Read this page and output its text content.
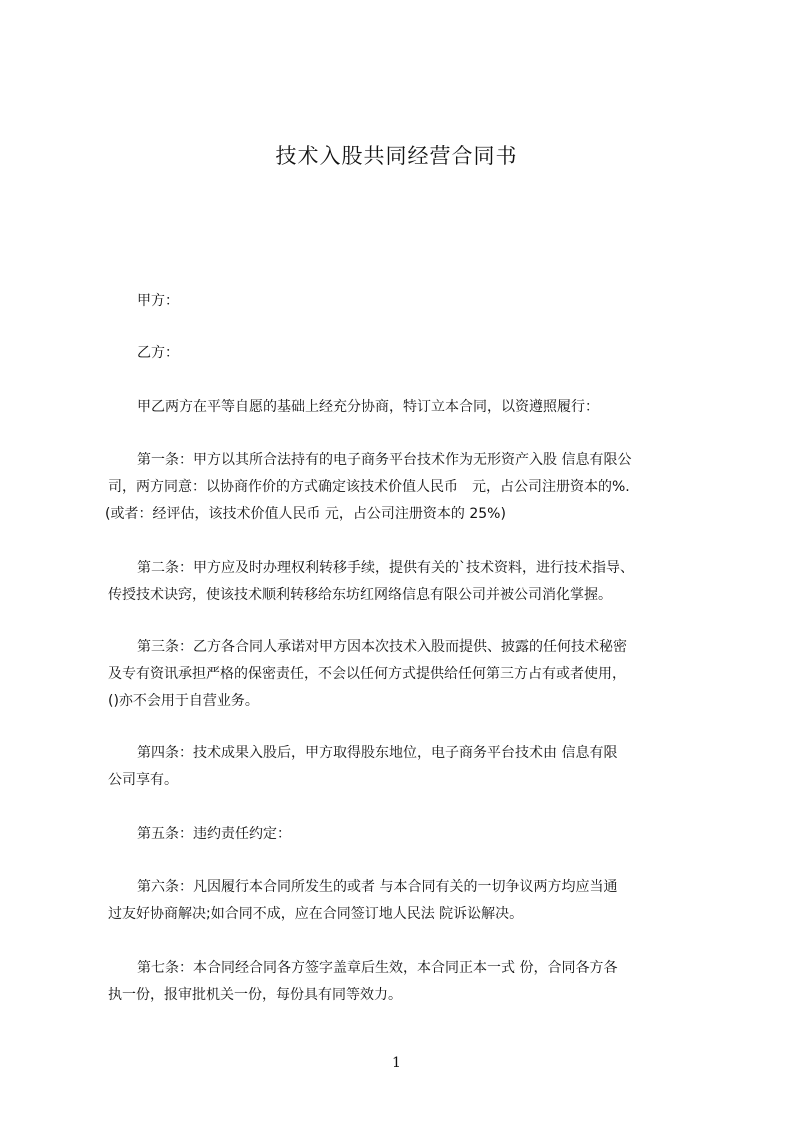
技术入股共同经营合同书

甲方：

乙方：

甲乙两方在平等自愿的基础上经充分协商，特订立本合同，以资遵照履行：

第一条：甲方以其所合法持有的电子商务平台技术作为无形资产入股 信息有限公
司，两方同意：以协商作价的方式确定该技术价值人民币　元，占公司注册资本的%.
(或者：经评估，该技术价值人民币 元，占公司注册资本的 25%)
第二条：甲方应及时办理权利转移手续，提供有关的`技术资料，进行技术指导、
传授技术诀窍，使该技术顺利转移给东坊红网络信息有限公司并被公司消化掌握。
第三条：乙方各合同人承诺对甲方因本次技术入股而提供、披露的任何技术秘密
及专有资讯承担严格的保密责任，不会以任何方式提供给任何第三方占有或者使用，
()亦不会用于自营业务。
第四条：技术成果入股后，甲方取得股东地位，电子商务平台技术由 信息有限
公司享有。

第五条：违约责任约定：

第六条：凡因履行本合同所发生的或者 与本合同有关的一切争议两方均应当通
过友好协商解决;如合同不成，应在合同签订地人民法 院诉讼解决。
第七条：本合同经合同各方签字盖章后生效，本合同正本一式 份，合同各方各
执一份，报审批机关一份，每份具有同等效力。
1
